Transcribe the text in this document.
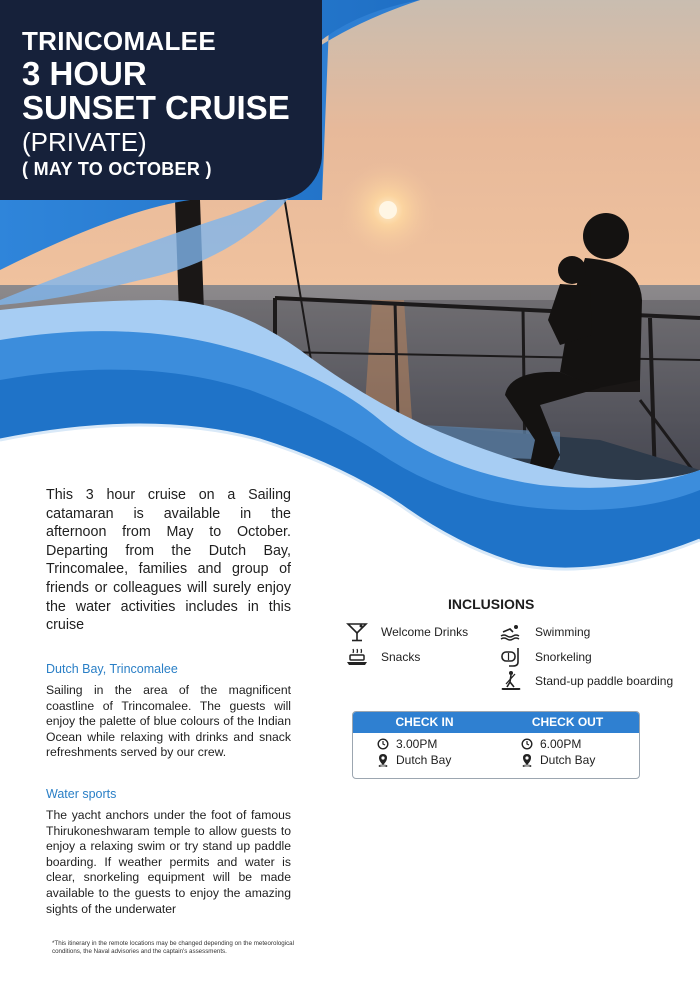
TRINCOMALEE
3 HOUR
SUNSET CRUISE
(PRIVATE)
( MAY TO OCTOBER )

This 3 hour cruise on a Sailing catamaran is available in the afternoon from May to October. Departing from the Dutch Bay, Trincomalee, families and group of friends or colleagues will surely enjoy the water activities includes in this cruise

Dutch Bay, Trincomalee

Sailing in the area of the magnificent coastline of Trincomalee. The guests will enjoy the palette of blue colours of the Indian Ocean while relaxing with drinks and snack refreshments served by our crew.

Water sports

The yacht anchors under the foot of famous Thirukoneshwaram temple to allow guests to enjoy a relaxing swim or try stand up paddle boarding. If weather permits and water is clear, snorkeling equipment will be made available to the guests to enjoy the amazing sights of the underwater

*This itinerary in the remote locations may be changed depending on the meteorological conditions, the Naval advisories and the captain's assessments.

INCLUSIONS
Welcome Drinks
Snacks
Swimming
Snorkeling
Stand-up paddle boarding
CHECK IN	CHECK OUT
3.00PM
Dutch Bay
6.00PM
Dutch Bay
